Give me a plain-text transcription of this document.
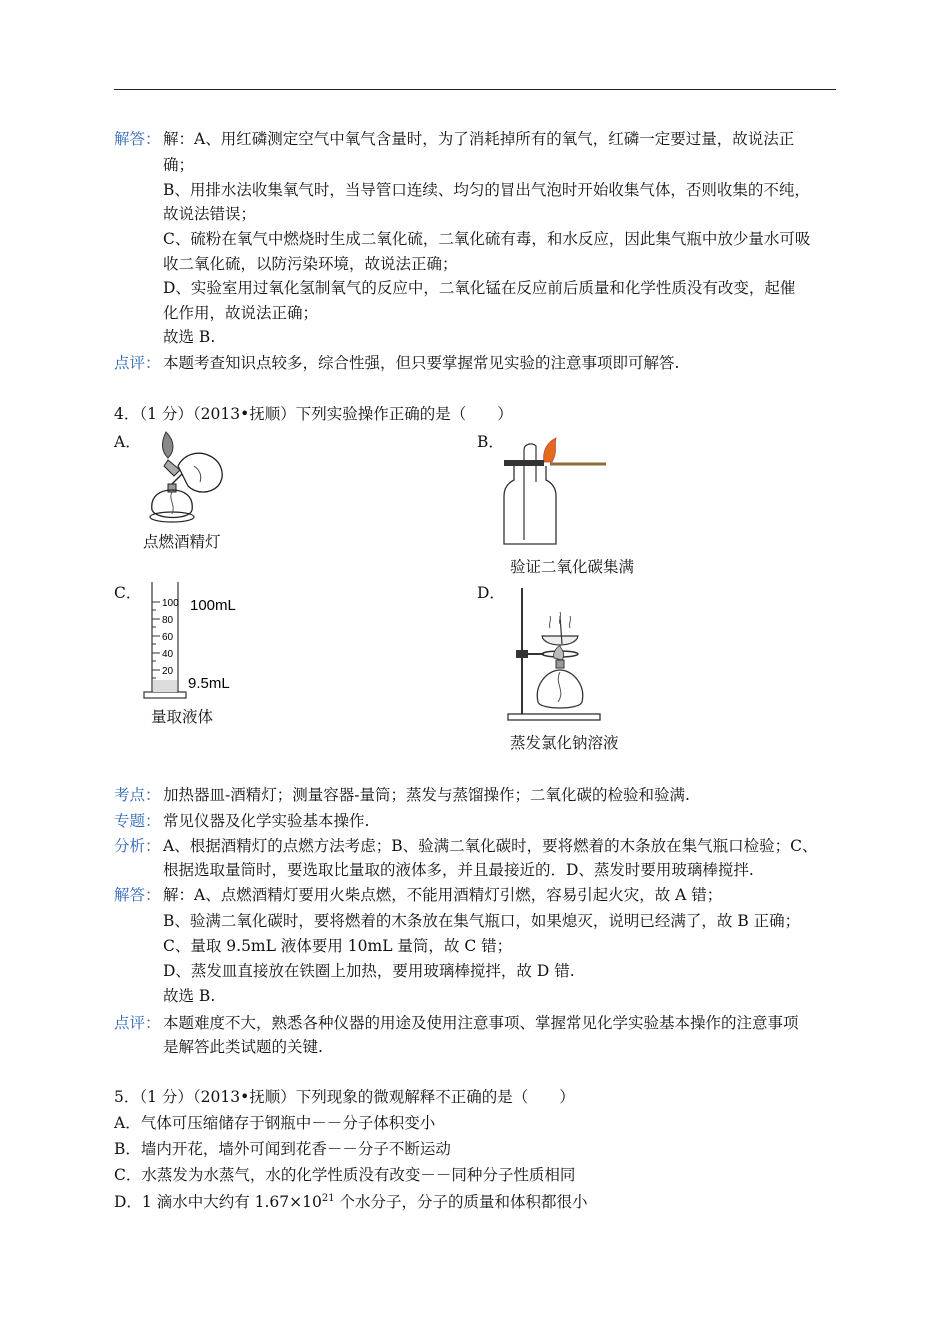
解答： 解：A、用红磷测定空气中氧气含量时，为了消耗掉所有的氧气，红磷一定要过量，故说法正
确；
B、用排水法收集氧气时，当导管口连续、均匀的冒出气泡时开始收集气体，否则收集的不纯，
故说法错误；
C、硫粉在氧气中燃烧时生成二氧化硫，二氧化硫有毒，和水反应，因此集气瓶中放少量水可吸
收二氧化硫，以防污染环境，故说法正确；
D、实验室用过氧化氢制氧气的反应中，二氧化锰在反应前后质量和化学性质没有改变，起催
化作用，故说法正确；
故选 B.
点评： 本题考查知识点较多，综合性强，但只要掌握常见实验的注意事项即可解答.
4．（1 分）（2013•抚顺）下列实验操作正确的是（　　）
A．
点燃酒精灯
B．
验证二氧化碳集满
C．
100
80
60
40
20
100mL
9.5mL
量取液体
D．
蒸发氯化钠溶液
考点： 加热器皿-酒精灯；测量容器-量筒；蒸发与蒸馏操作；二氧化碳的检验和验满.
专题： 常见仪器及化学实验基本操作.
分析： A、根据酒精灯的点燃方法考虑；B、验满二氧化碳时，要将燃着的木条放在集气瓶口检验；C、
根据选取量筒时，要选取比量取的液体多，并且最接近的．D、蒸发时要用玻璃棒搅拌.
解答： 解：A、点燃酒精灯要用火柴点燃，不能用酒精灯引燃，容易引起火灾，故 A 错；
B、验满二氧化碳时，要将燃着的木条放在集气瓶口，如果熄灭，说明已经满了，故 B 正确；
C、量取 9.5mL 液体要用 10mL 量筒，故 C 错；
D、蒸发皿直接放在铁圈上加热，要用玻璃棒搅拌，故 D 错.
故选 B.
点评： 本题难度不大，熟悉各种仪器的用途及使用注意事项、掌握常见化学实验基本操作的注意事项
是解答此类试题的关键.
5．（1 分）（2013•抚顺）下列现象的微观解释不正确的是（　　）
A．气体可压缩储存于钢瓶中－－分子体积变小
B．墙内开花，墙外可闻到花香－－分子不断运动
C．水蒸发为水蒸气，水的化学性质没有改变－－同种分子性质相同
D．1 滴水中大约有 $1.67\times 10^{21}$ 个水分子，分子的质量和体积都很小
